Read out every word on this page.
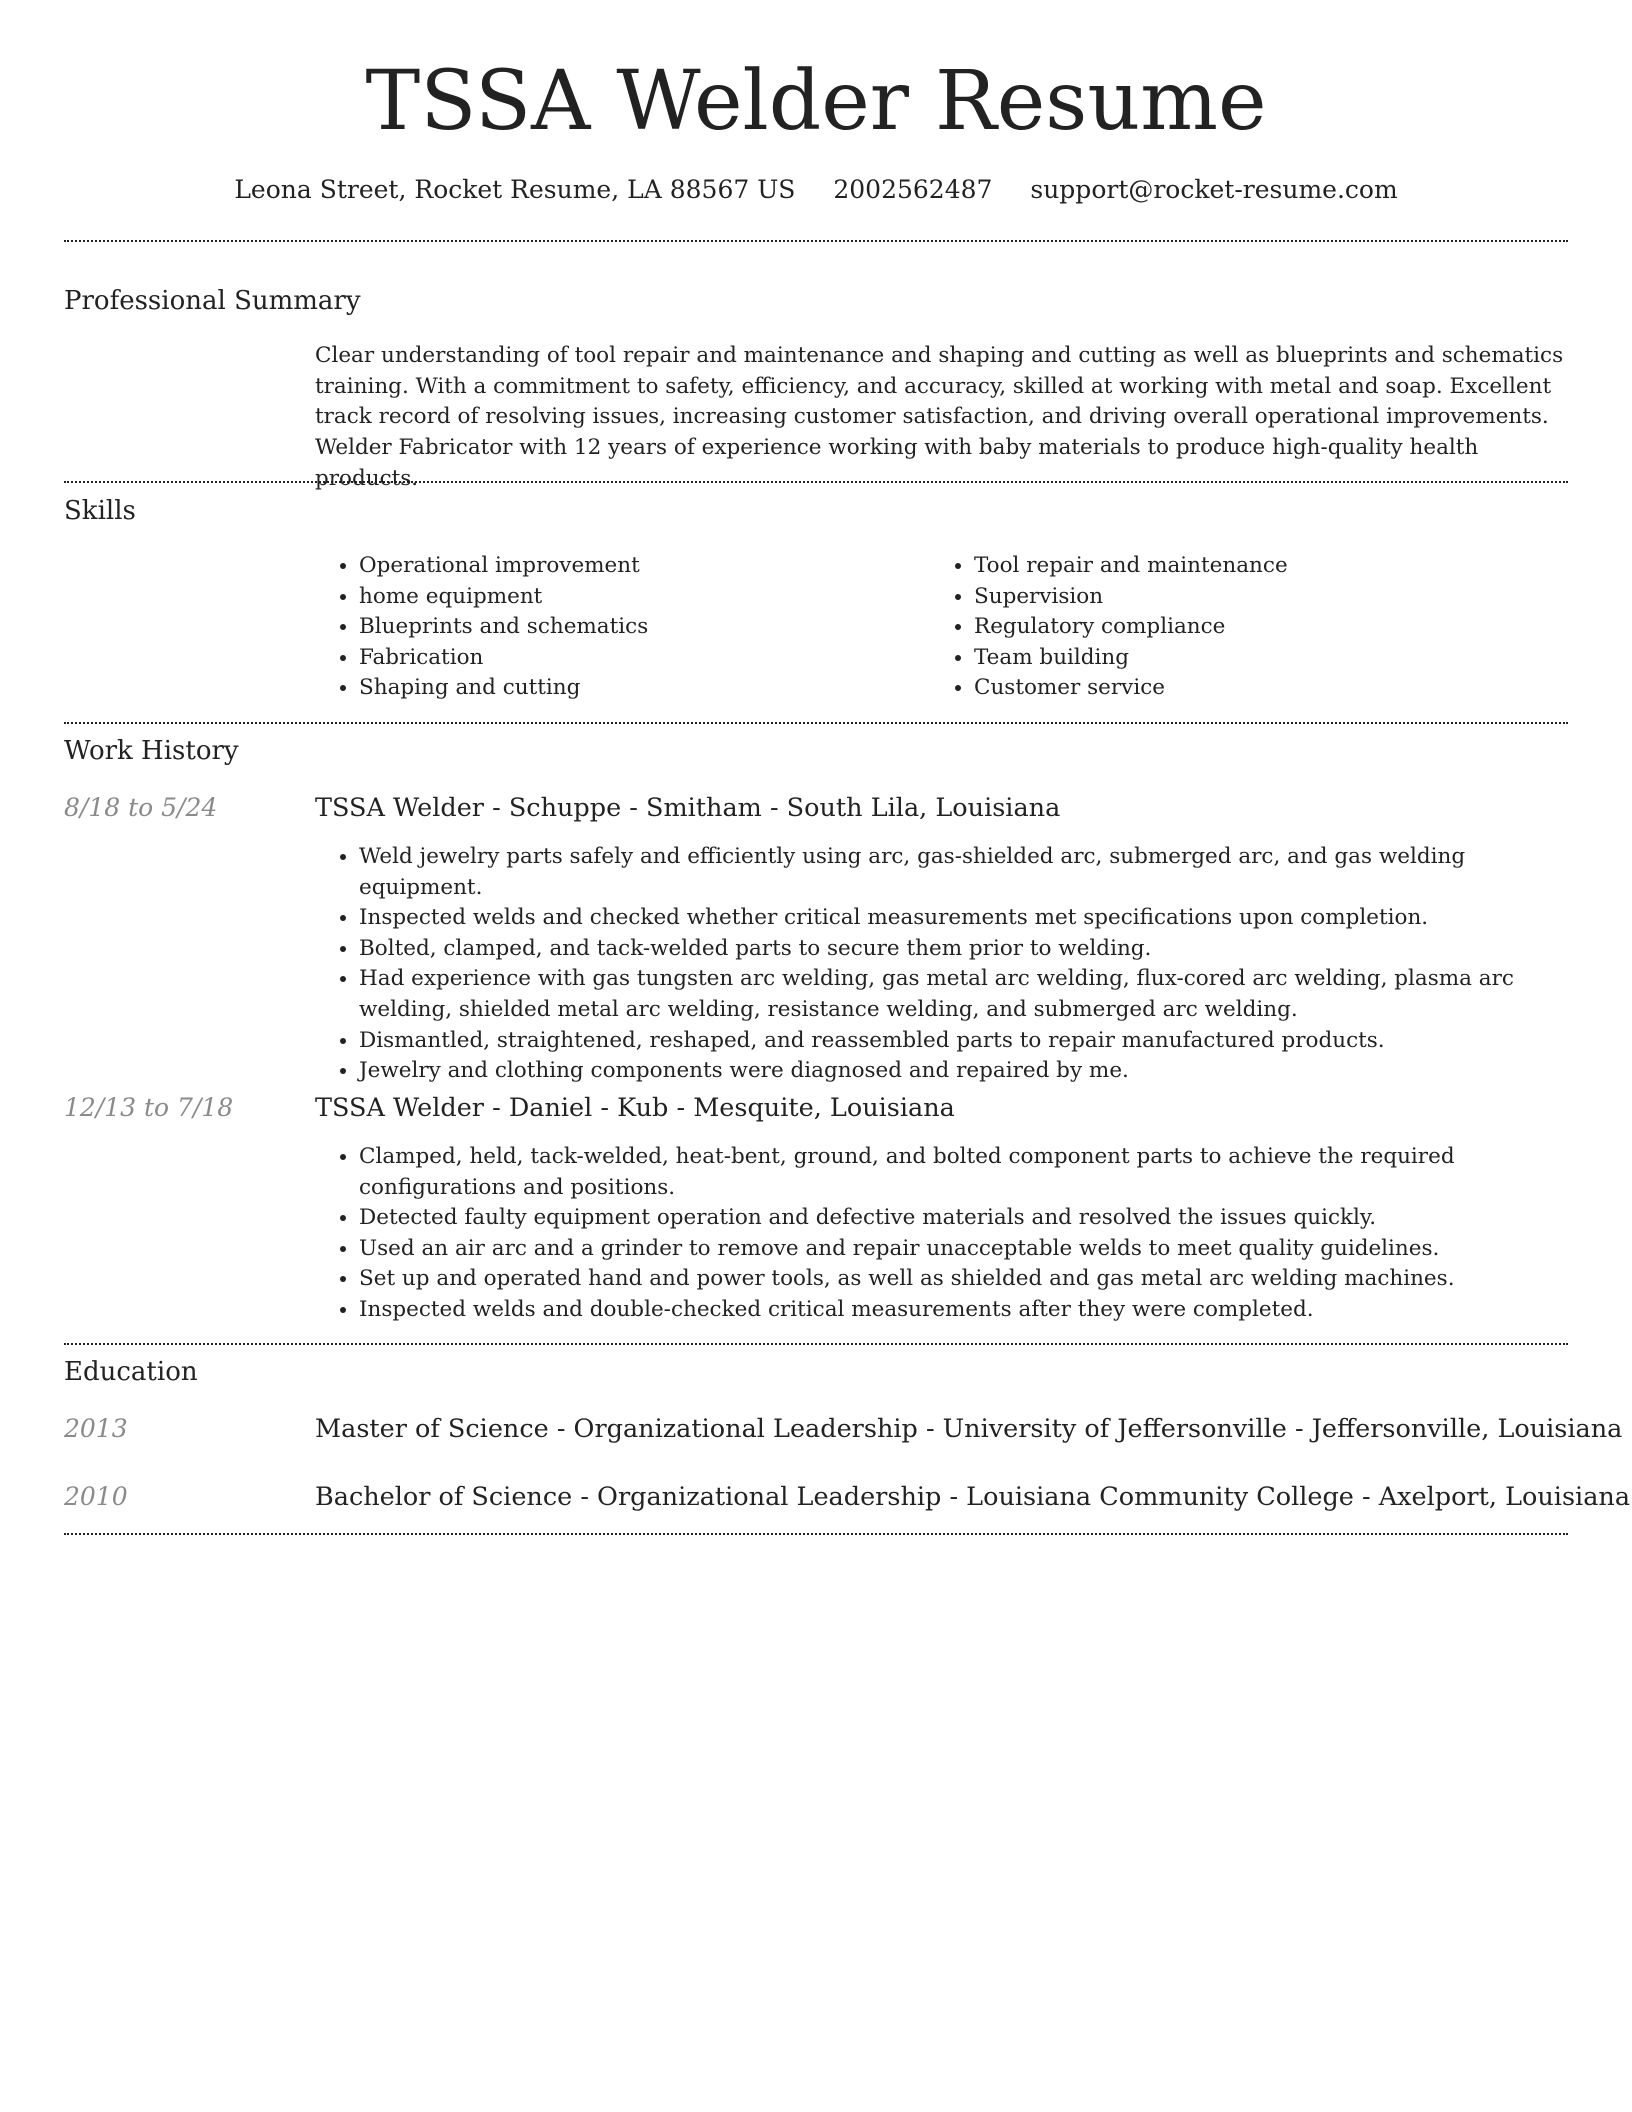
TSSA Welder Resume
Leona Street, Rocket Resume, LA 88567 US 2002562487 support@rocket-resume.com
Professional Summary

Clear understanding of tool repair and maintenance and shaping and cutting as well as blueprints and schematics training. With a commitment to safety, efficiency, and accuracy, skilled at working with metal and soap. Excellent track record of resolving issues, increasing customer satisfaction, and driving overall operational improvements. Welder Fabricator with 12 years of experience working with baby materials to produce high-quality health products.

Skills
• Operational improvement
• home equipment
• Blueprints and schematics
• Fabrication
• Shaping and cutting
• Tool repair and maintenance
• Supervision
• Regulatory compliance
• Team building
• Customer service
Work History
8/18 to 5/24	TSSA Welder - Schuppe - Smitham - South Lila, Louisiana
• Weld jewelry parts safely and efficiently using arc, gas-shielded arc, submerged arc, and gas welding equipment.
• Inspected welds and checked whether critical measurements met specifications upon completion.
• Bolted, clamped, and tack-welded parts to secure them prior to welding.
• Had experience with gas tungsten arc welding, gas metal arc welding, flux-cored arc welding, plasma arc welding, shielded metal arc welding, resistance welding, and submerged arc welding.
• Dismantled, straightened, reshaped, and reassembled parts to repair manufactured products.
• Jewelry and clothing components were diagnosed and repaired by me.
12/13 to 7/18	TSSA Welder - Daniel - Kub - Mesquite, Louisiana
• Clamped, held, tack-welded, heat-bent, ground, and bolted component parts to achieve the required configurations and positions.
• Detected faulty equipment operation and defective materials and resolved the issues quickly.
• Used an air arc and a grinder to remove and repair unacceptable welds to meet quality guidelines.
• Set up and operated hand and power tools, as well as shielded and gas metal arc welding machines.
• Inspected welds and double-checked critical measurements after they were completed.
Education
2013	Master of Science - Organizational Leadership - University of Jeffersonville - Jeffersonville, Louisiana
2010	Bachelor of Science - Organizational Leadership - Louisiana Community College - Axelport, Louisiana
